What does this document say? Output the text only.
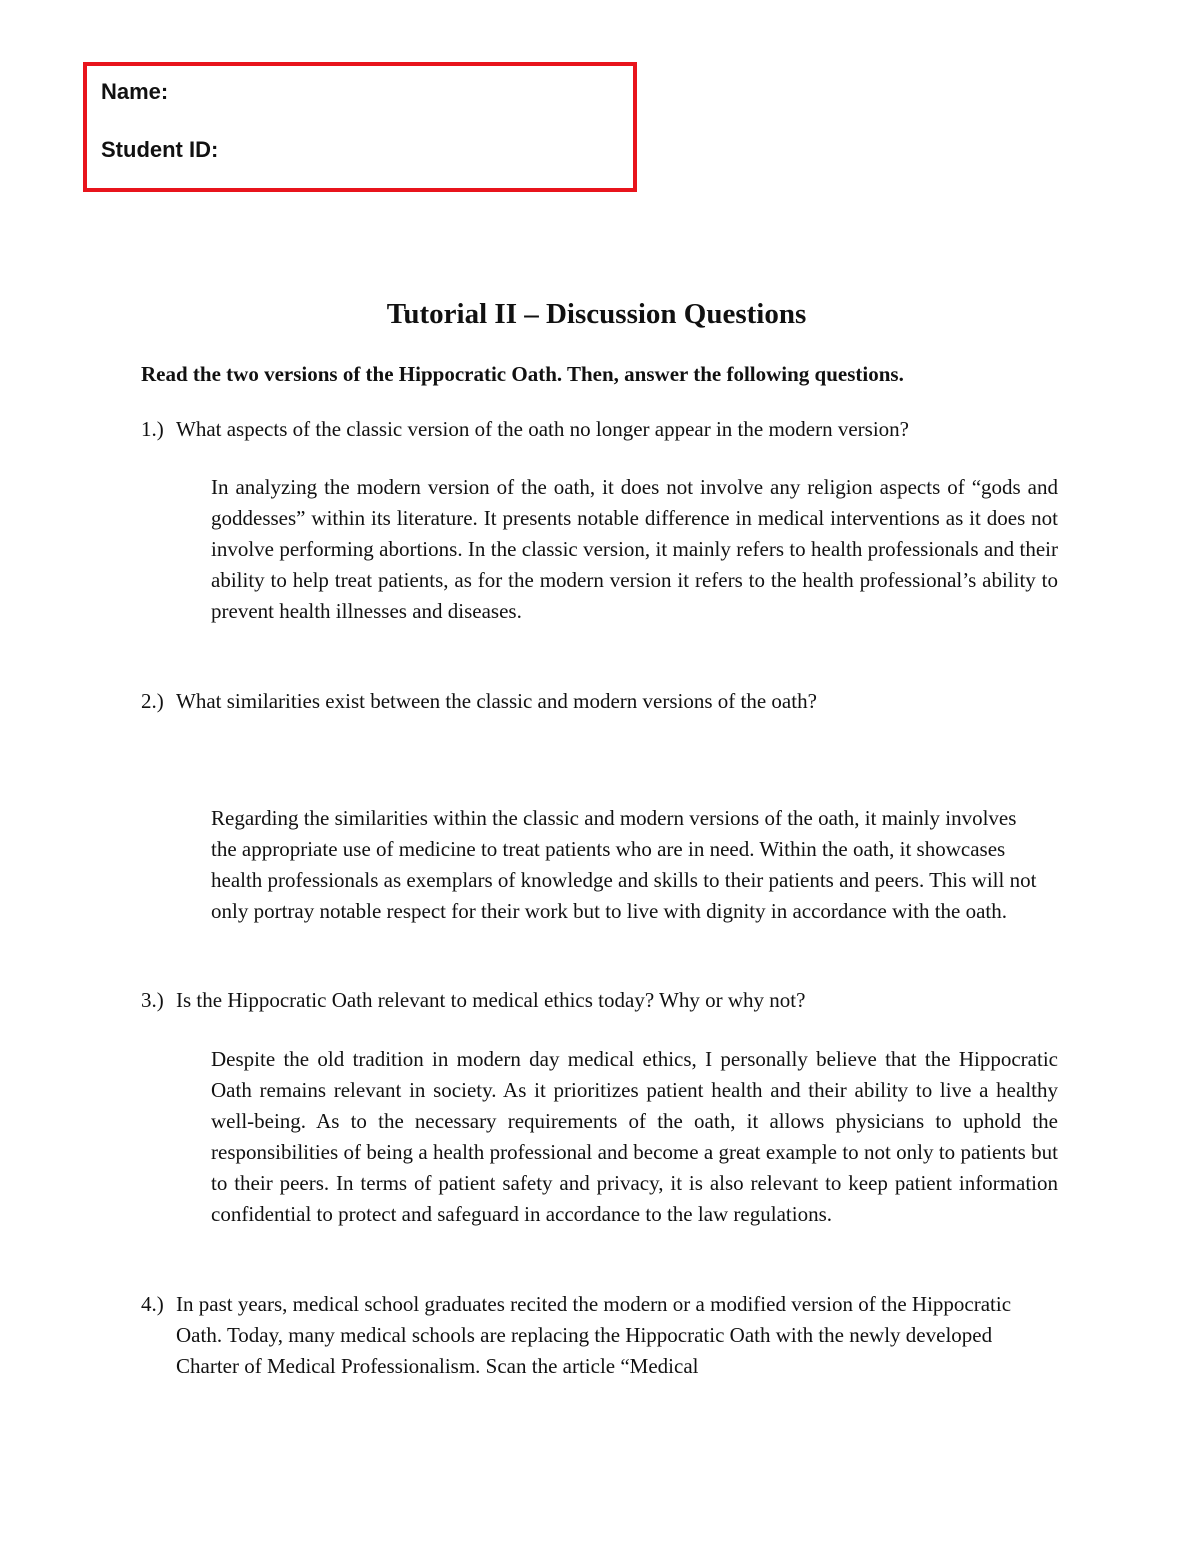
Name:
Student ID:
Tutorial II – Discussion Questions
Read the two versions of the Hippocratic Oath. Then, answer the following questions.
1.) What aspects of the classic version of the oath no longer appear in the modern version?
In analyzing the modern version of the oath, it does not involve any religion aspects of “gods and goddesses” within its literature. It presents notable difference in medical interventions as it does not involve performing abortions. In the classic version, it mainly refers to health professionals and their ability to help treat patients, as for the modern version it refers to the health professional’s ability to prevent health illnesses and diseases.
2.) What similarities exist between the classic and modern versions of the oath?
Regarding the similarities within the classic and modern versions of the oath, it mainly involves the appropriate use of medicine to treat patients who are in need. Within the oath, it showcases health professionals as exemplars of knowledge and skills to their patients and peers. This will not only portray notable respect for their work but to live with dignity in accordance with the oath.
3.) Is the Hippocratic Oath relevant to medical ethics today? Why or why not?
Despite the old tradition in modern day medical ethics, I personally believe that the Hippocratic Oath remains relevant in society. As it prioritizes patient health and their ability to live a healthy well-being. As to the necessary requirements of the oath, it allows physicians to uphold the responsibilities of being a health professional and become a great example to not only to patients but to their peers. In terms of patient safety and privacy, it is also relevant to keep patient information confidential to protect and safeguard in accordance to the law regulations.
4.) In past years, medical school graduates recited the modern or a modified version of the Hippocratic Oath. Today, many medical schools are replacing the Hippocratic Oath with the newly developed Charter of Medical Professionalism. Scan the article “Medical
